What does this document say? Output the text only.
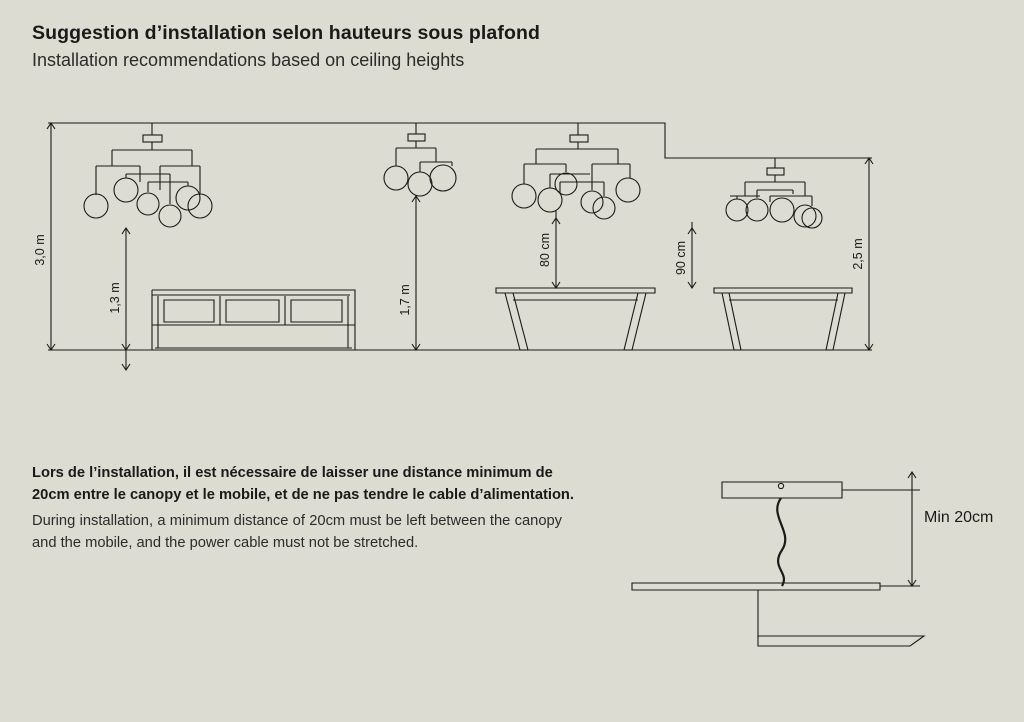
Suggestion d’installation selon hauteurs sous plafond

Installation recommendations based on ceiling heights

3,0 m	2,5 m
1,3 m	1,7 m
80 cm	90 cm

Lors de l’installation, il est nécessaire de laisser une distance minimum de 20cm entre le canopy et le mobile, et de ne pas tendre le cable d’alimentation.

During installation, a minimum distance of 20cm must be left between the canopy and the mobile, and the power cable must not be stretched.

Min 20cm
